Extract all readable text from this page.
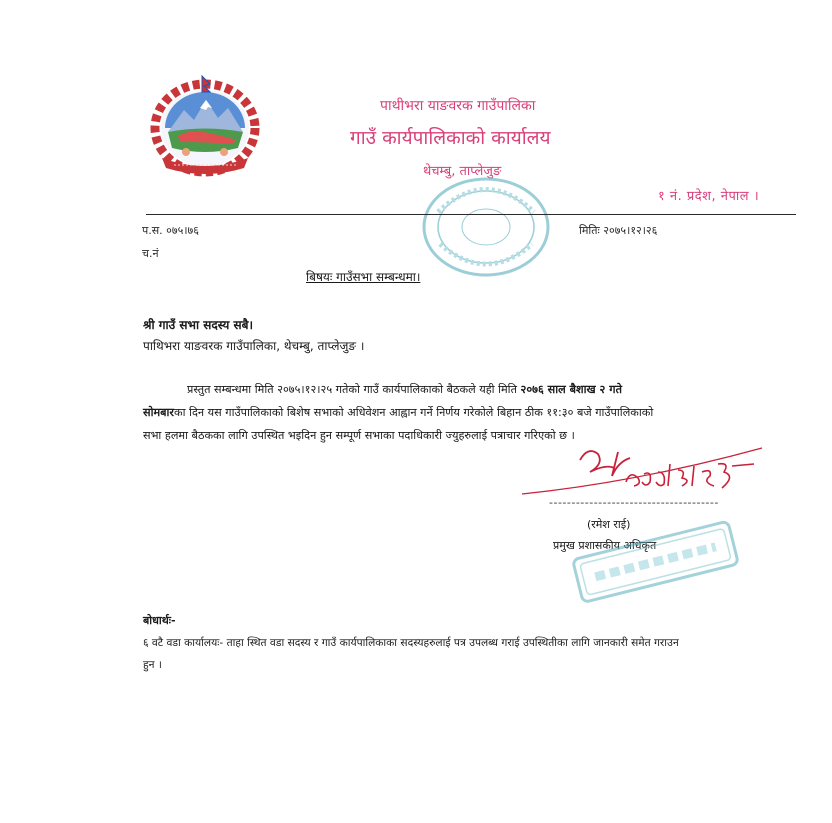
पाथीभरा याङवरक गाउँपालिका
गाउँ कार्यपालिकाको कार्यालय
थेचम्बु, ताप्लेजुङ
१ नं. प्रदेश, नेपाल ।
प.स. ०७५।७६	मितिः २०७५।१२।२६
च.नं
बिषयः गाउँसभा सम्बन्धमा।
श्री गाउँ सभा सदस्य सबै।
पाथिभरा याङवरक गाउँपालिका, थेचम्बु, ताप्लेजुङ ।
प्रस्तुत सम्बन्धमा मिति २०७५।१२।२५ गतेको गाउँ कार्यपालिकाको बैठकले यही मिति २०७६ साल बैशाख २ गते
सोमबारका दिन यस गाउँपालिकाको बिशेष सभाको अधिवेशन आह्वान गर्ने निर्णय गरेकोले बिहान ठीक ११:३० बजे गाउँपालिकाको
सभा हलमा बैठकका लागि उपस्थित भइदिन हुन सम्पूर्ण सभाका पदाधिकारी ज्युहरुलाई पत्राचार गरिएको छ ।
--------------------------------------
(रमेश राई)
प्रमुख प्रशासकीय अधिकृत
बोधार्थः-
६ वटै वडा कार्यालयः- ताहा स्थित वडा सदस्य र गाउँ कार्यपालिकाका सदस्यहरुलाई पत्र उपलब्ध गराई उपस्थितीका लागि जानकारी समेत गराउन
हुन ।
